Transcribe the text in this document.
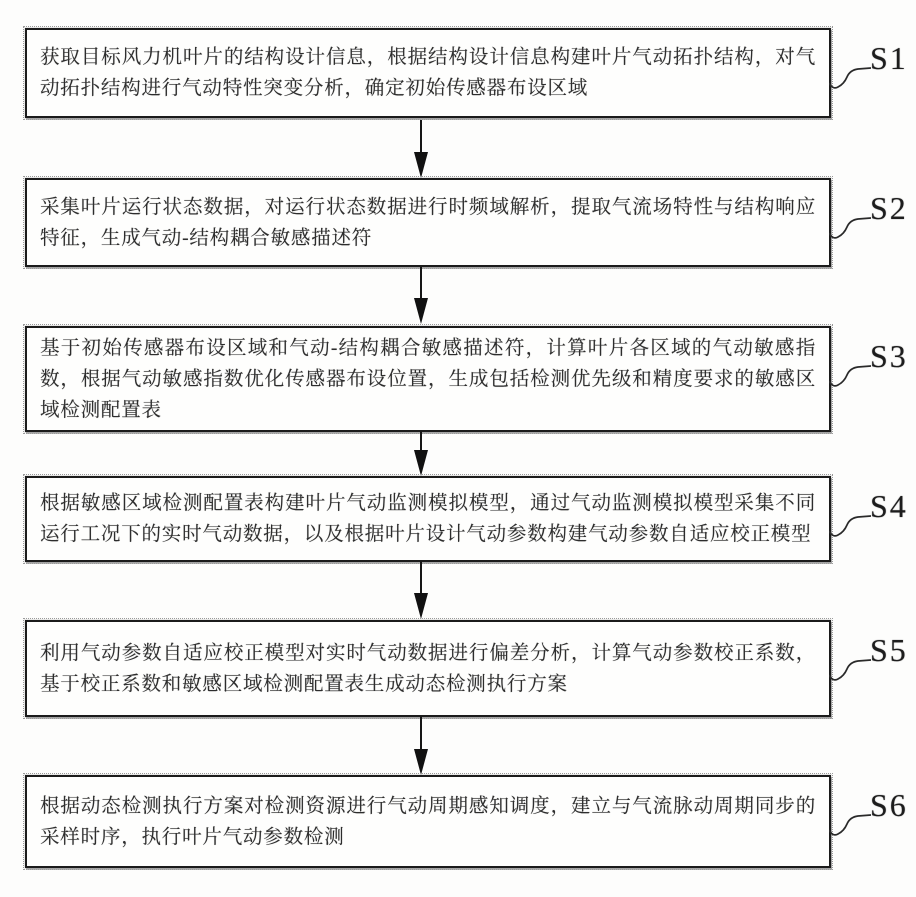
获取目标风力机叶片的结构设计信息，根据结构设计信息构建叶片气动拓扑结构，对气动拓扑结构进行气动特性突变分析，确定初始传感器布设区域

S1

采集叶片运行状态数据，对运行状态数据进行时频域解析，提取气流场特性与结构响应特征，生成气动-结构耦合敏感描述符

S2

基于初始传感器布设区域和气动-结构耦合敏感描述符，计算叶片各区域的气动敏感指数，根据气动敏感指数优化传感器布设位置，生成包括检测优先级和精度要求的敏感区域检测配置表

S3

根据敏感区域检测配置表构建叶片气动监测模拟模型，通过气动监测模拟模型采集不同运行工况下的实时气动数据，以及根据叶片设计气动参数构建气动参数自适应校正模型

S4

利用气动参数自适应校正模型对实时气动数据进行偏差分析，计算气动参数校正系数，基于校正系数和敏感区域检测配置表生成动态检测执行方案

S5

根据动态检测执行方案对检测资源进行气动周期感知调度，建立与气流脉动周期同步的采样时序，执行叶片气动参数检测

S6
